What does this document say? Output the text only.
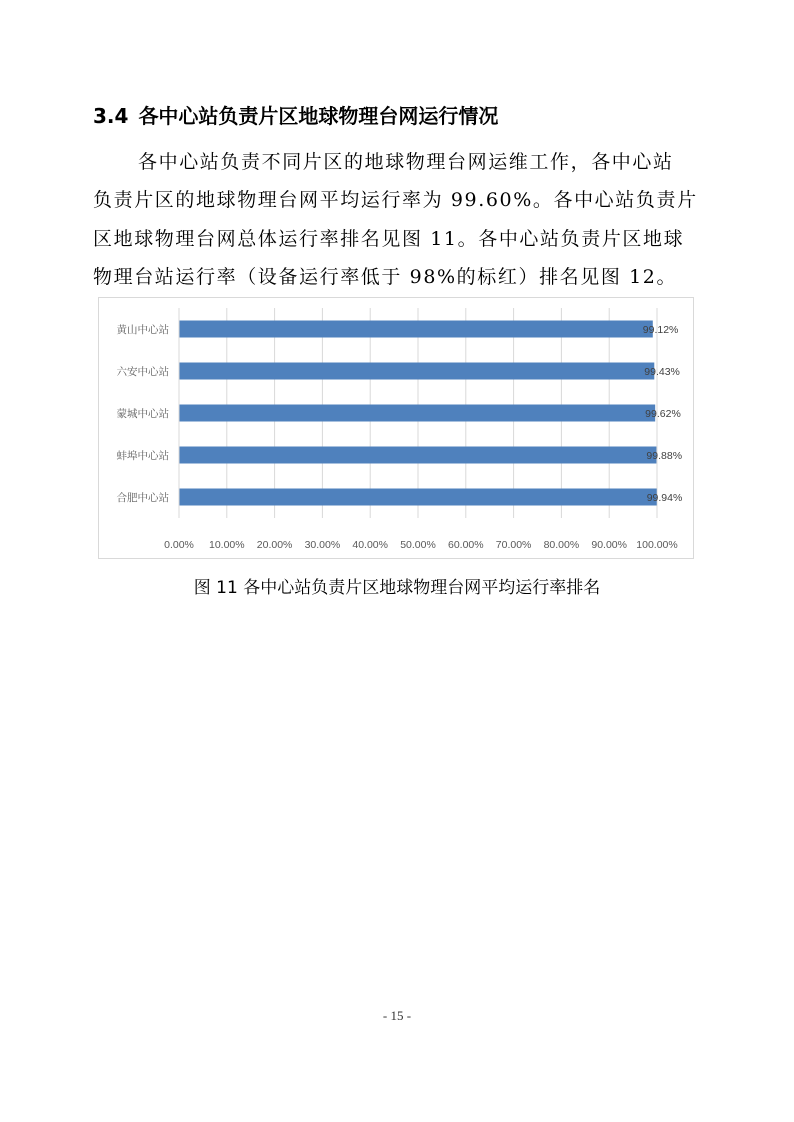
3.4 各中心站负责片区地球物理台网运行情况
各中心站负责不同片区的地球物理台网运维工作，各中心站
负责片区的地球物理台网平均运行率为 99.60%。各中心站负责片
区地球物理台网总体运行率排名见图 11。各中心站负责片区地球
物理台站运行率（设备运行率低于 98%的标红）排名见图 12。
0.00% 10.00% 20.00% 30.00% 40.00% 50.00% 60.00% 70.00% 80.00% 90.00% 100.00%
黄山中心站	99.12%
六安中心站	99.43%
蒙城中心站	99.62%
蚌埠中心站	99.88%
合肥中心站	99.94%
图 11 各中心站负责片区地球物理台网平均运行率排名
- 15 -
